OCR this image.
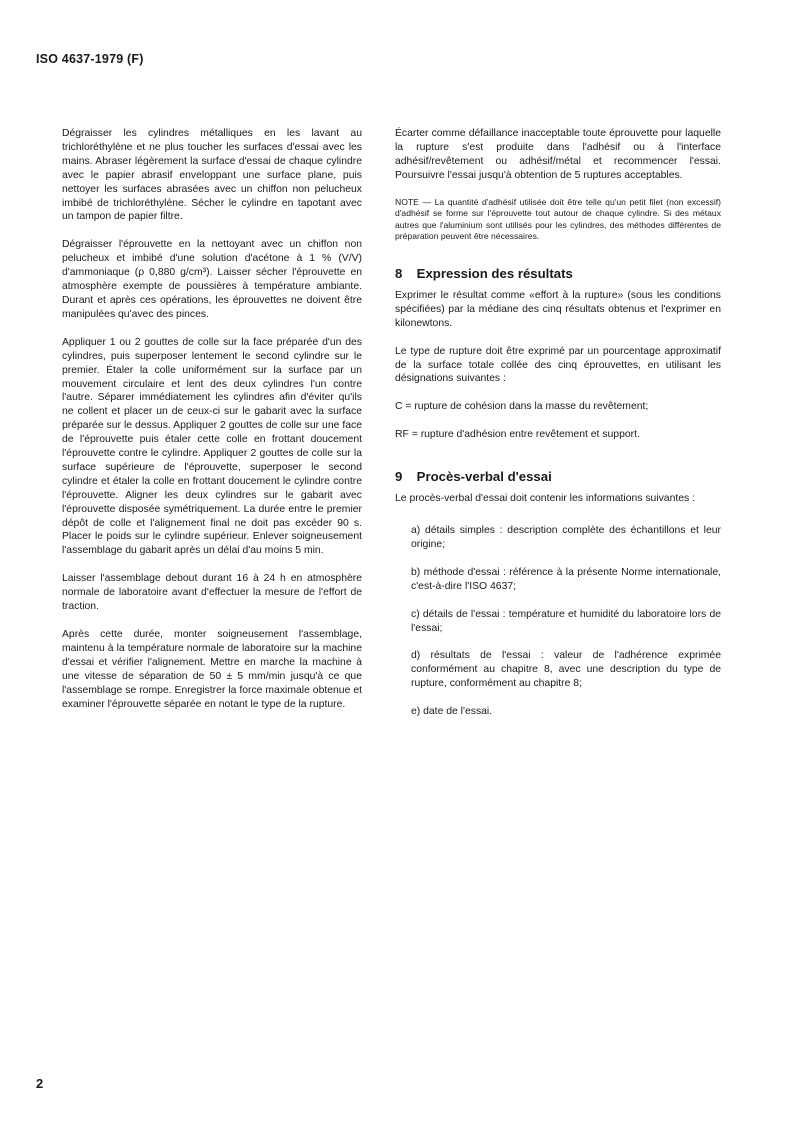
ISO 4637-1979 (F)

Dégraisser les cylindres métalliques en les lavant au trichloréthylène et ne plus toucher les surfaces d'essai avec les mains. Abraser légèrement la surface d'essai de chaque cylindre avec le papier abrasif enveloppant une surface plane, puis nettoyer les surfaces abrasées avec un chiffon non pelucheux imbibé de trichloréthylène. Sécher le cylindre en tapotant avec un tampon de papier filtre.

Dégraisser l'éprouvette en la nettoyant avec un chiffon non pelucheux et imbibé d'une solution d'acétone à 1 % (V/V) d'ammoniaque (ρ 0,880 g/cm³). Laisser sécher l'éprouvette en atmosphère exempte de poussières à température ambiante. Durant et après ces opérations, les éprouvettes ne doivent être manipulées qu'avec des pinces.

Appliquer 1 ou 2 gouttes de colle sur la face préparée d'un des cylindres, puis superposer lentement le second cylindre sur le premier. Étaler la colle uniformément sur la surface par un mouvement circulaire et lent des deux cylindres l'un contre l'autre. Séparer immédiatement les cylindres afin d'éviter qu'ils ne collent et placer un de ceux-ci sur le gabarit avec la surface préparée sur le dessus. Appliquer 2 gouttes de colle sur une face de l'éprouvette puis étaler cette colle en frottant doucement l'éprouvette contre le cylindre. Appliquer 2 gouttes de colle sur la surface supérieure de l'éprouvette, superposer le second cylindre et étaler la colle en frottant doucement le cylindre contre l'éprouvette. Aligner les deux cylindres sur le gabarit avec l'éprouvette disposée symétriquement. La durée entre le premier dépôt de colle et l'alignement final ne doit pas excéder 90 s. Placer le poids sur le cylindre supérieur. Enlever soigneusement l'assemblage du gabarit après un délai d'au moins 5 min.

Laisser l'assemblage debout durant 16 à 24 h en atmosphère normale de laboratoire avant d'effectuer la mesure de l'effort de traction.

Après cette durée, monter soigneusement l'assemblage, maintenu à la température normale de laboratoire sur la machine d'essai et vérifier l'alignement. Mettre en marche la machine à une vitesse de séparation de 50 ± 5 mm/min jusqu'à ce que l'assemblage se rompe. Enregistrer la force maximale obtenue et examiner l'éprouvette séparée en notant le type de la rupture.

Écarter comme défaillance inacceptable toute éprouvette pour laquelle la rupture s'est produite dans l'adhésif ou à l'interface adhésif/revêtement ou adhésif/métal et recommencer l'essai. Poursuivre l'essai jusqu'à obtention de 5 ruptures acceptables.

NOTE — La quantité d'adhésif utilisée doit être telle qu'un petit filet (non excessif) d'adhésif se forme sur l'éprouvette tout autour de chaque cylindre. Si des métaux autres que l'aluminium sont utilisés pour les cylindres, des méthodes différentes de préparation peuvent être nécessaires.

8 Expression des résultats

Exprimer le résultat comme «effort à la rupture» (sous les conditions spécifiées) par la médiane des cinq résultats obtenus et l'exprimer en kilonewtons.

Le type de rupture doit être exprimé par un pourcentage approximatif de la surface totale collée des cinq éprouvettes, en utilisant les désignations suivantes :

C = rupture de cohésion dans la masse du revêtement;

RF = rupture d'adhésion entre revêtement et support.

9 Procès-verbal d'essai

Le procès-verbal d'essai doit contenir les informations suivantes :

a) détails simples : description complète des échantillons et leur origine;

b) méthode d'essai : référence à la présente Norme internationale, c'est-à-dire l'ISO 4637;

c) détails de l'essai : température et humidité du laboratoire lors de l'essai;

d) résultats de l'essai : valeur de l'adhérence exprimée conformément au chapitre 8, avec une description du type de rupture, conformément au chapitre 8;

e) date de l'essai.

2
